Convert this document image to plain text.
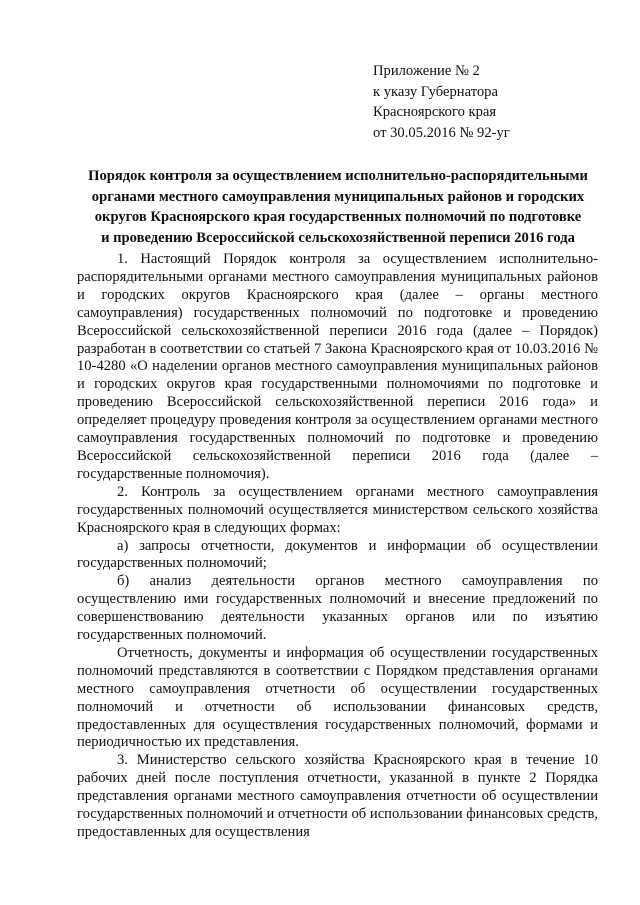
Приложение № 2
к указу Губернатора
Красноярского края
от 30.05.2016 № 92-уг
Порядок контроля за осуществлением исполнительно-распорядительными
органами местного самоуправления муниципальных районов и городских
округов Красноярского края государственных полномочий по подготовке
и проведению Всероссийской сельскохозяйственной переписи 2016 года

1. Настоящий Порядок контроля за осуществлением исполнительно-распорядительными органами местного самоуправления муниципальных районов и городских округов Красноярского края (далее – органы местного самоуправления) государственных полномочий по подготовке и проведению Всероссийской сельскохозяйственной переписи 2016 года (далее – Порядок) разработан в соответствии со статьей 7 Закона Красноярского края от 10.03.2016 № 10-4280 «О наделении органов местного самоуправления муниципальных районов и городских округов края государственными полномочиями по подготовке и проведению Всероссийской сельскохозяйственной переписи 2016 года» и определяет процедуру проведения контроля за осуществлением органами местного самоуправления государственных полномочий по подготовке и проведению Всероссийской сельскохозяйственной переписи 2016 года (далее – государственные полномочия).

2. Контроль за осуществлением органами местного самоуправления государственных полномочий осуществляется министерством сельского хозяйства Красноярского края в следующих формах:

а) запросы отчетности, документов и информации об осуществлении государственных полномочий;

б) анализ деятельности органов местного самоуправления по осуществлению ими государственных полномочий и внесение предложений по совершенствованию деятельности указанных органов или по изъятию государственных полномочий.

Отчетность, документы и информация об осуществлении государственных полномочий представляются в соответствии с Порядком представления органами местного самоуправления отчетности об осуществлении государственных полномочий и отчетности об использовании финансовых средств, предоставленных для осуществления государственных полномочий, формами и периодичностью их представления.

3. Министерство сельского хозяйства Красноярского края в течение 10 рабочих дней после поступления отчетности, указанной в пункте 2 Порядка представления органами местного самоуправления отчетности об осуществлении государственных полномочий и отчетности об использовании финансовых средств, предоставленных для осуществления
